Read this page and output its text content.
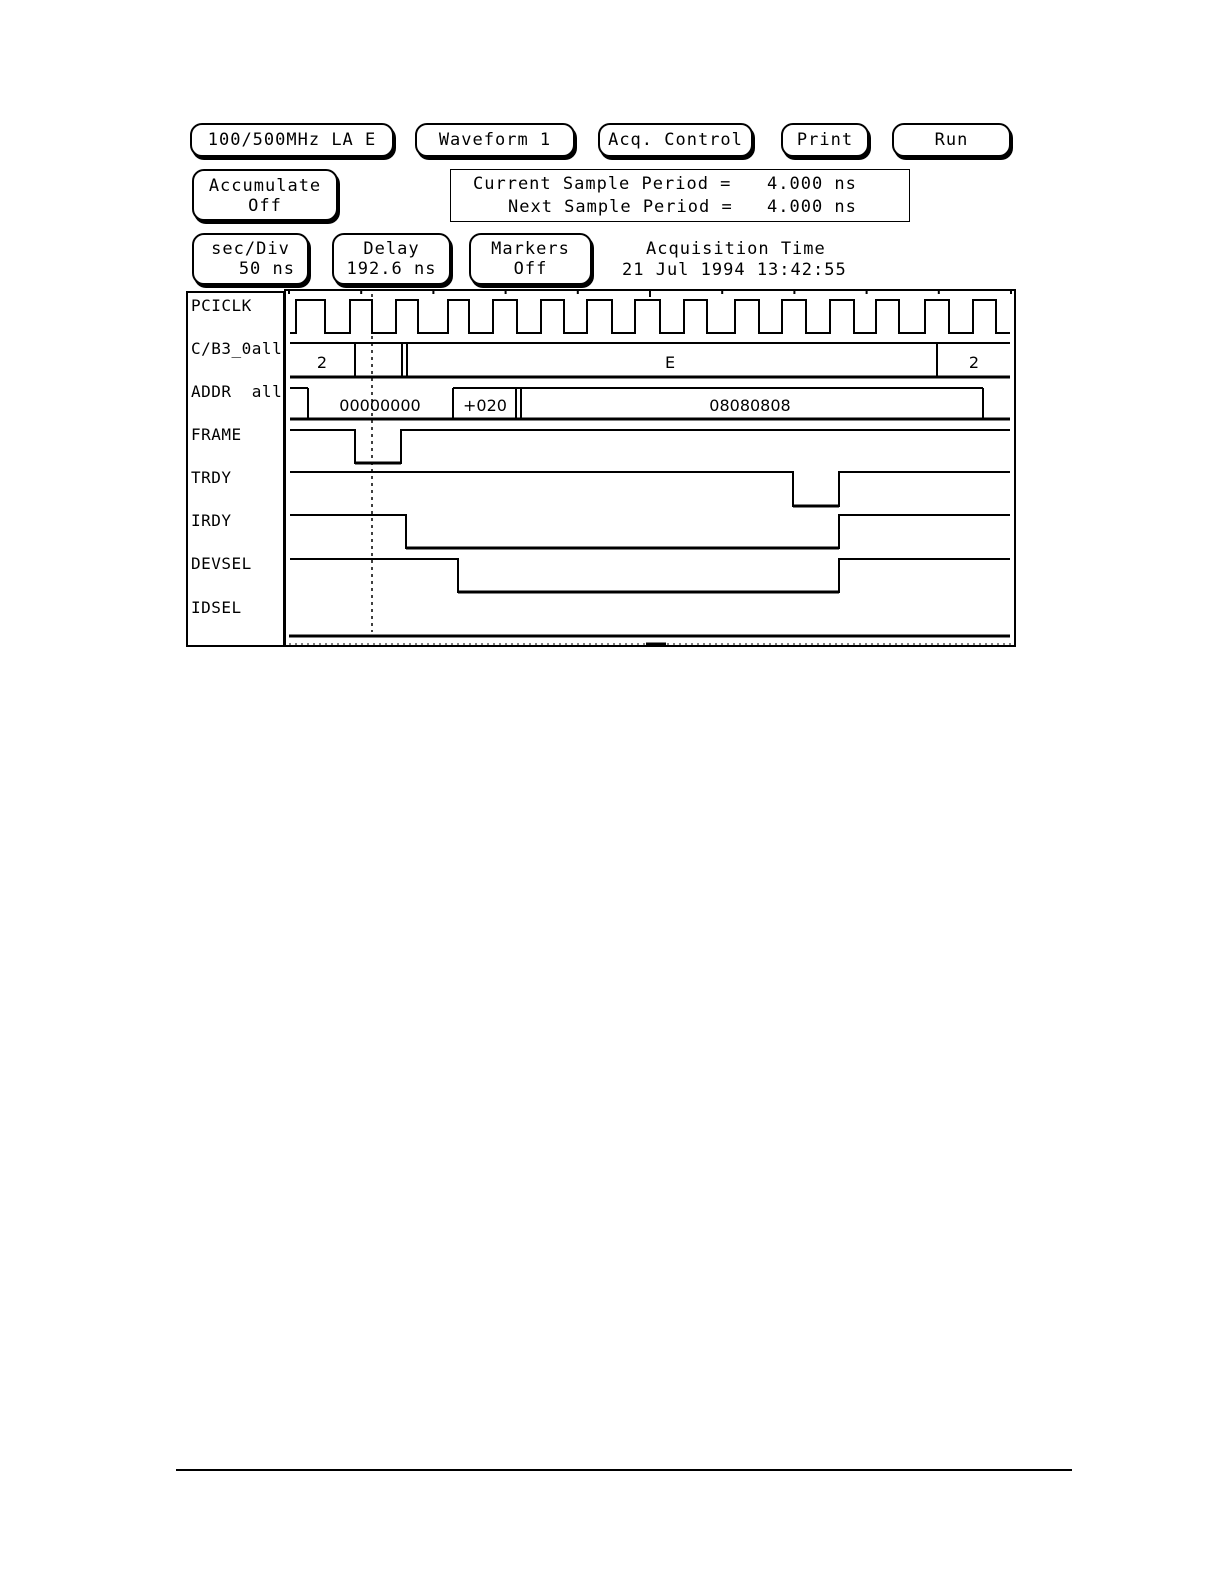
100/500MHz LA E	Waveform 1	Acq. Control	Print	Run
Accumulate
Off
Current Sample Period = 4.000 ns
Next Sample Period = 4.000 ns
sec/Div
50 ns
Delay
192.6 ns
Markers
Off
Acquisition Time
21 Jul 1994 13:42:55
PCICLK
C/B3_0all
ADDR  all
FRAME
TRDY
IRDY
DEVSEL
IDSEL
2	E	2
00000000	+020	08080808
